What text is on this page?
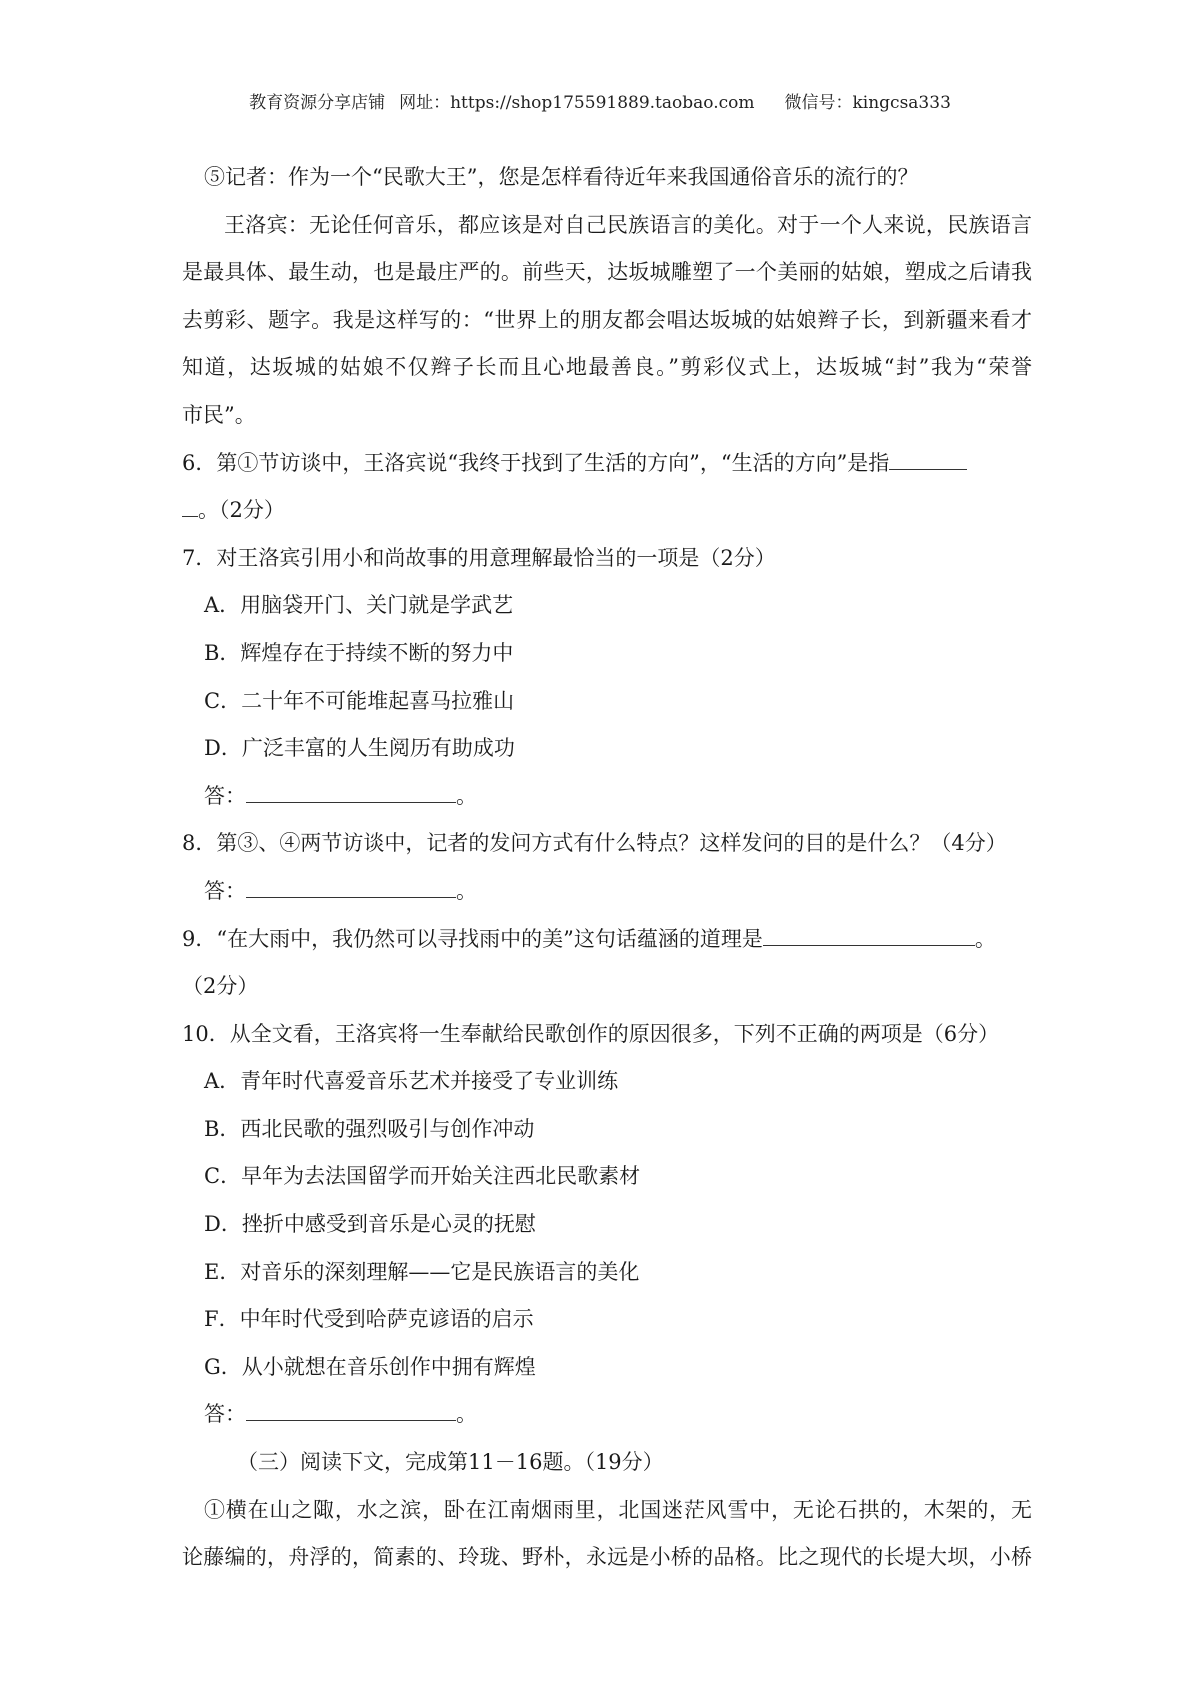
教育资源分享店铺 网址：https://shop175591889.taobao.com 微信号：kingcsa333
⑤记者：作为一个“民歌大王”，您是怎样看待近年来我国通俗音乐的流行的？
王洛宾：无论任何音乐，都应该是对自己民族语言的美化。对于一个人来说，民族语言
是最具体、最生动，也是最庄严的。前些天，达坂城雕塑了一个美丽的姑娘，塑成之后请我
去剪彩、题字。我是这样写的：“世界上的朋友都会唱达坂城的姑娘辫子长，到新疆来看才
知道，达坂城的姑娘不仅辫子长而且心地最善良。”剪彩仪式上，达坂城“封”我为“荣誉
市民”。
6．第①节访谈中，王洛宾说“我终于找到了生活的方向”，“生活的方向”是指
。（2分）
7．对王洛宾引用小和尚故事的用意理解最恰当的一项是（2分）
A．用脑袋开门、关门就是学武艺
B．辉煌存在于持续不断的努力中
C．二十年不可能堆起喜马拉雅山
D．广泛丰富的人生阅历有助成功
答：	。
8．第③、④两节访谈中，记者的发问方式有什么特点？这样发问的目的是什么？（4分）
答：	。
9．“在大雨中，我仍然可以寻找雨中的美”这句话蕴涵的道理是	。
（2分）
10．从全文看，王洛宾将一生奉献给民歌创作的原因很多，下列不正确的两项是（6分）
A．青年时代喜爱音乐艺术并接受了专业训练
B．西北民歌的强烈吸引与创作冲动
C．早年为去法国留学而开始关注西北民歌素材
D．挫折中感受到音乐是心灵的抚慰
E．对音乐的深刻理解——它是民族语言的美化
F．中年时代受到哈萨克谚语的启示
G．从小就想在音乐创作中拥有辉煌
答：	。
（三）阅读下文，完成第11－16题。（19分）
①横在山之陬，水之滨，卧在江南烟雨里，北国迷茫风雪中，无论石拱的，木架的，无
论藤编的，舟浮的，简素的、玲珑、野朴，永远是小桥的品格。比之现代的长堤大坝，小桥
